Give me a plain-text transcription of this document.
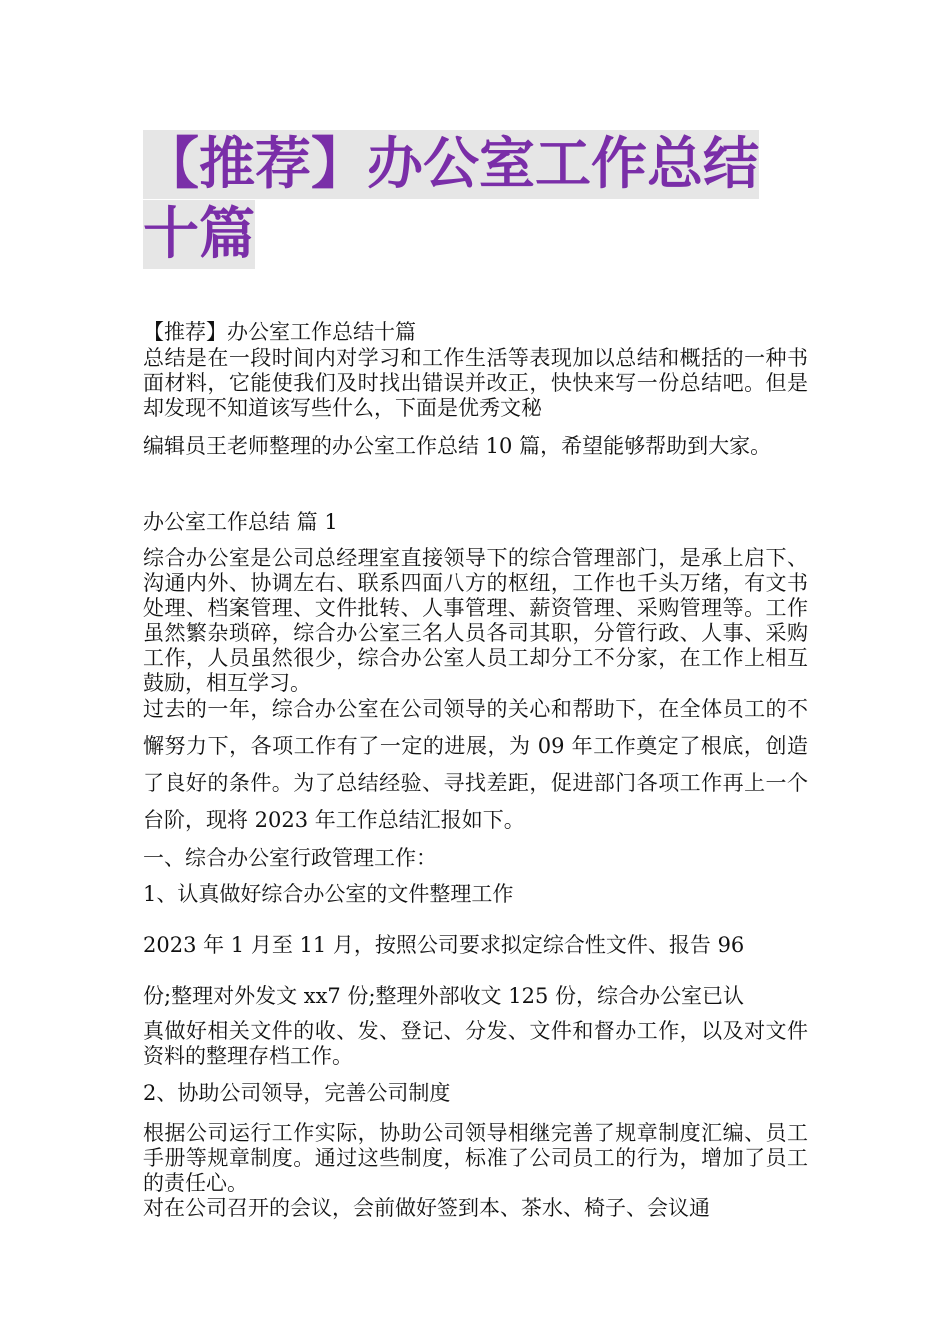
【推荐】办公室工作总结十篇

【推荐】办公室工作总结十篇

总结是在一段时间内对学习和工作生活等表现加以总结和概括的一种书面材料，它能使我们及时找出错误并改正，快快来写一份总结吧。但是却发现不知道该写些什么，下面是优秀文秘

编辑员王老师整理的办公室工作总结 10 篇，希望能够帮助到大家。

办公室工作总结 篇 1

综合办公室是公司总经理室直接领导下的综合管理部门，是承上启下、沟通内外、协调左右、联系四面八方的枢纽，工作也千头万绪，有文书处理、档案管理、文件批转、人事管理、薪资管理、采购管理等。工作虽然繁杂琐碎，综合办公室三名人员各司其职，分管行政、人事、采购工作，人员虽然很少，综合办公室人员工却分工不分家，在工作上相互鼓励，相互学习。

过去的一年，综合办公室在公司领导的关心和帮助下，在全体员工的不懈努力下，各项工作有了一定的进展，为 09 年工作奠定了根底，创造了良好的条件。为了总结经验、寻找差距，促进部门各项工作再上一个台阶，现将 2023 年工作总结汇报如下。

一、综合办公室行政管理工作：

1、认真做好综合办公室的文件整理工作

2023 年 1 月至 11 月，按照公司要求拟定综合性文件、报告 96

份;整理对外发文 xx7 份;整理外部收文 125 份，综合办公室已认

真做好相关文件的收、发、登记、分发、文件和督办工作，以及对文件资料的整理存档工作。

2、协助公司领导，完善公司制度

根据公司运行工作实际，协助公司领导相继完善了规章制度汇编、员工手册等规章制度。通过这些制度，标准了公司员工的行为，增加了员工的责任心。

对在公司召开的会议，会前做好签到本、茶水、椅子、会议通
